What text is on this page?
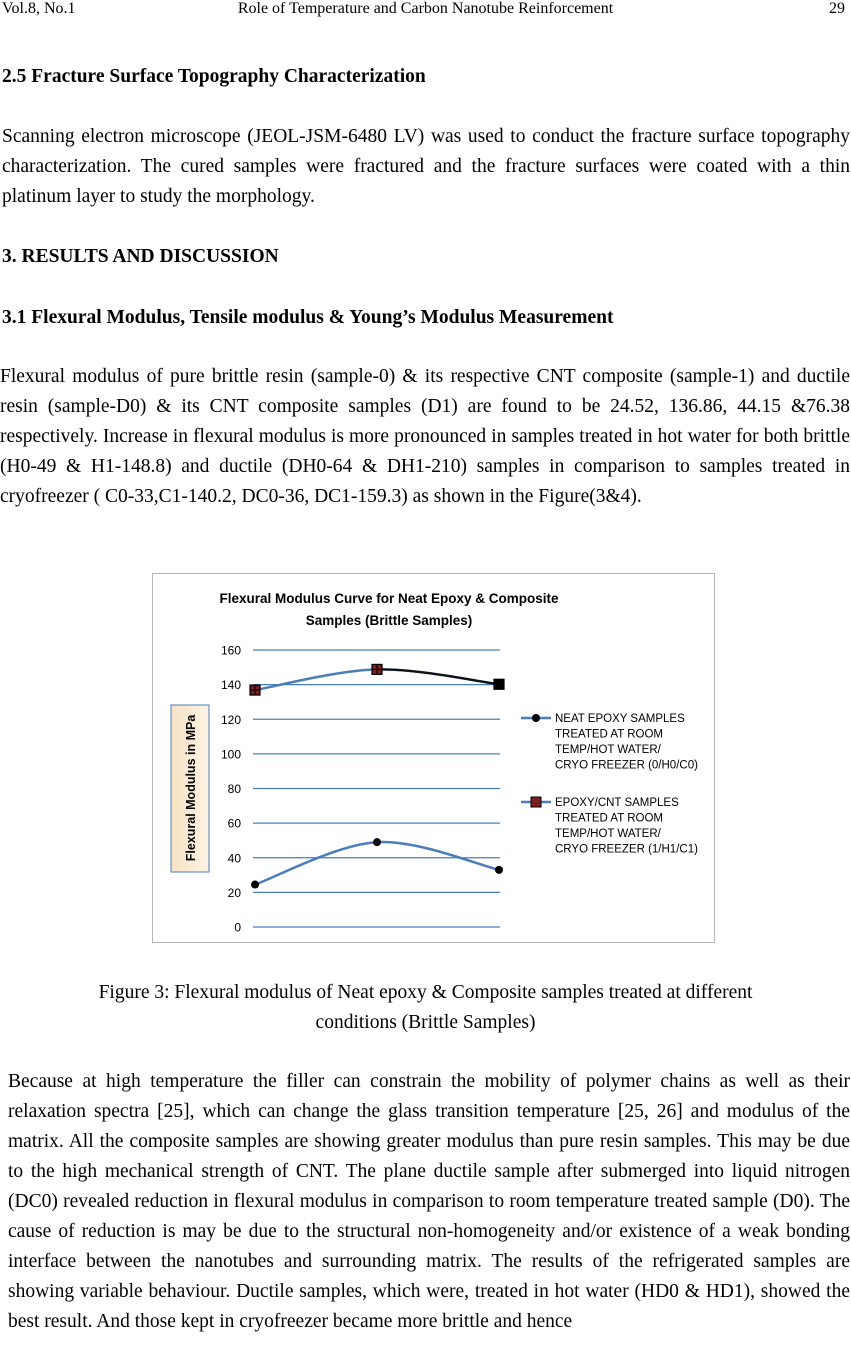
Vol.8, No.1	Role of Temperature and Carbon Nanotube Reinforcement	29
2.5 Fracture Surface Topography Characterization

Scanning electron microscope (JEOL-JSM-6480 LV) was used to conduct the fracture surface topography characterization. The cured samples were fractured and the fracture surfaces were coated with a thin platinum layer to study the morphology.

3. RESULTS AND DISCUSSION
3.1 Flexural Modulus, Tensile modulus & Young’s Modulus Measurement

Flexural modulus of pure brittle resin (sample-0) & its respective CNT composite (sample-1) and ductile resin (sample-D0) & its CNT composite samples (D1) are found to be 24.52, 136.86, 44.15 &76.38 respectively. Increase in flexural modulus is more pronounced in samples treated in hot water for both brittle (H0-49 & H1-148.8) and ductile (DH0-64 & DH1-210) samples in comparison to samples treated in cryofreezer ( C0-33,C1-140.2, DC0-36, DC1-159.3) as shown in the Figure(3&4).

Flexural Modulus Curve for Neat Epoxy & Composite
Samples (Brittle Samples)
0
20
40
60
80
100
120
140
160
Flexural Modulus in MPa	NEAT EPOXY SAMPLES
TREATED AT ROOM
TEMP/HOT WATER/
CRYO FREEZER (0/H0/C0)
EPOXY/CNT SAMPLES
TREATED AT ROOM
TEMP/HOT WATER/
CRYO FREEZER (1/H1/C1)
Figure 3: Flexural modulus of Neat epoxy & Composite samples treated at different
conditions (Brittle Samples)

Because at high temperature the filler can constrain the mobility of polymer chains as well as their relaxation spectra [25], which can change the glass transition temperature [25, 26] and modulus of the matrix. All the composite samples are showing greater modulus than pure resin samples. This may be due to the high mechanical strength of CNT. The plane ductile sample after submerged into liquid nitrogen (DC0) revealed reduction in flexural modulus in comparison to room temperature treated sample (D0). The cause of reduction is may be due to the structural non-homogeneity and/or existence of a weak bonding interface between the nanotubes and surrounding matrix. The results of the refrigerated samples are showing variable behaviour. Ductile samples, which were, treated in hot water (HD0 & HD1), showed the best result. And those kept in cryofreezer became more brittle and hence
